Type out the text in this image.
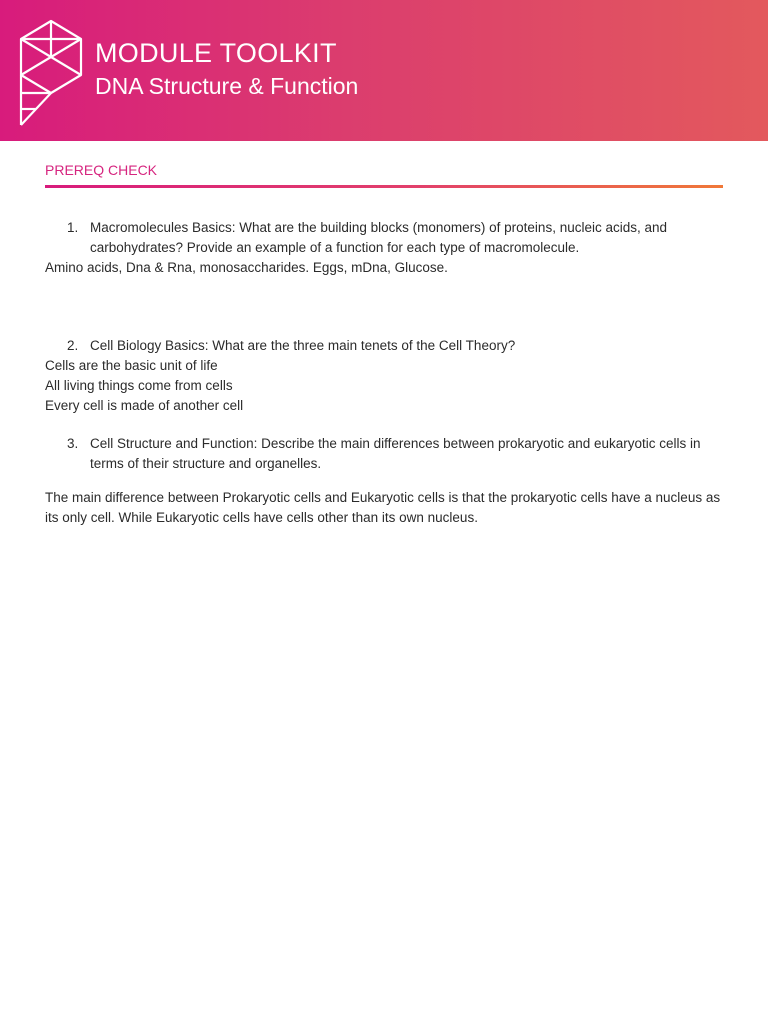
MODULE TOOLKIT
DNA Structure & Function
PREREQ CHECK
1. Macromolecules Basics: What are the building blocks (monomers) of proteins, nucleic acids, and carbohydrates? Provide an example of a function for each type of macromolecule.

Amino acids, Dna & Rna, monosaccharides. Eggs, mDna, Glucose.

2. Cell Biology Basics: What are the three main tenets of the Cell Theory?

Cells are the basic unit of life

All living things come from cells

Every cell is made of another cell

3. Cell Structure and Function: Describe the main differences between prokaryotic and eukaryotic cells in terms of their structure and organelles.

The main difference between Prokaryotic cells and Eukaryotic cells is that the prokaryotic cells have a nucleus as its only cell. While Eukaryotic cells have cells other than its own nucleus.
